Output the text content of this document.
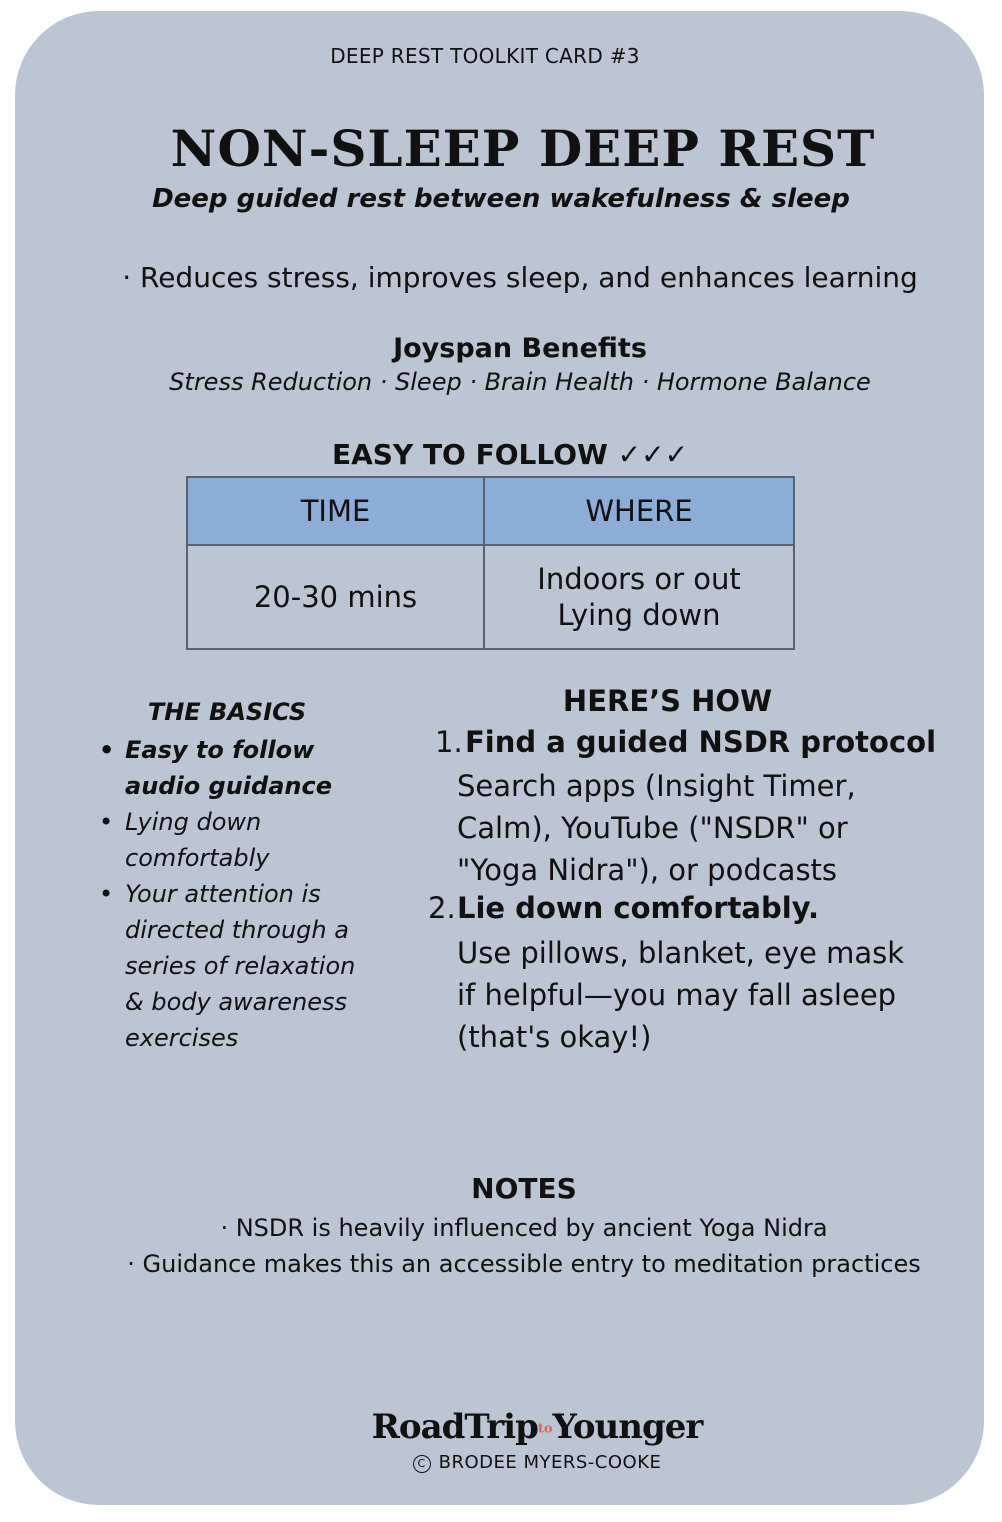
DEEP REST TOOLKIT CARD #3
NON-SLEEP DEEP REST
Deep guided rest between wakefulness & sleep
· Reduces stress, improves sleep, and enhances learning
Joyspan Benefits
Stress Reduction · Sleep · Brain Health · Hormone Balance
EASY TO FOLLOW ✓✓✓
TIME	WHERE
20-30 mins	Indoors or out
Lying down
THE BASICS
• Easy to follow
audio guidance
• Lying down
comfortably
• Your attention is
directed through a
series of relaxation
& body awareness
exercises
HERE’S HOW
1. Find a guided NSDR protocol
Search apps (Insight Timer,
Calm), YouTube ("NSDR" or
"Yoga Nidra"), or podcasts
2. Lie down comfortably.
Use pillows, blanket, eye mask
if helpful—you may fall asleep
(that's okay!)
NOTES
· NSDR is heavily influenced by ancient Yoga Nidra
· Guidance makes this an accessible entry to meditation practices
RoadTriptoYounger
C BRODEE MYERS-COOKE
